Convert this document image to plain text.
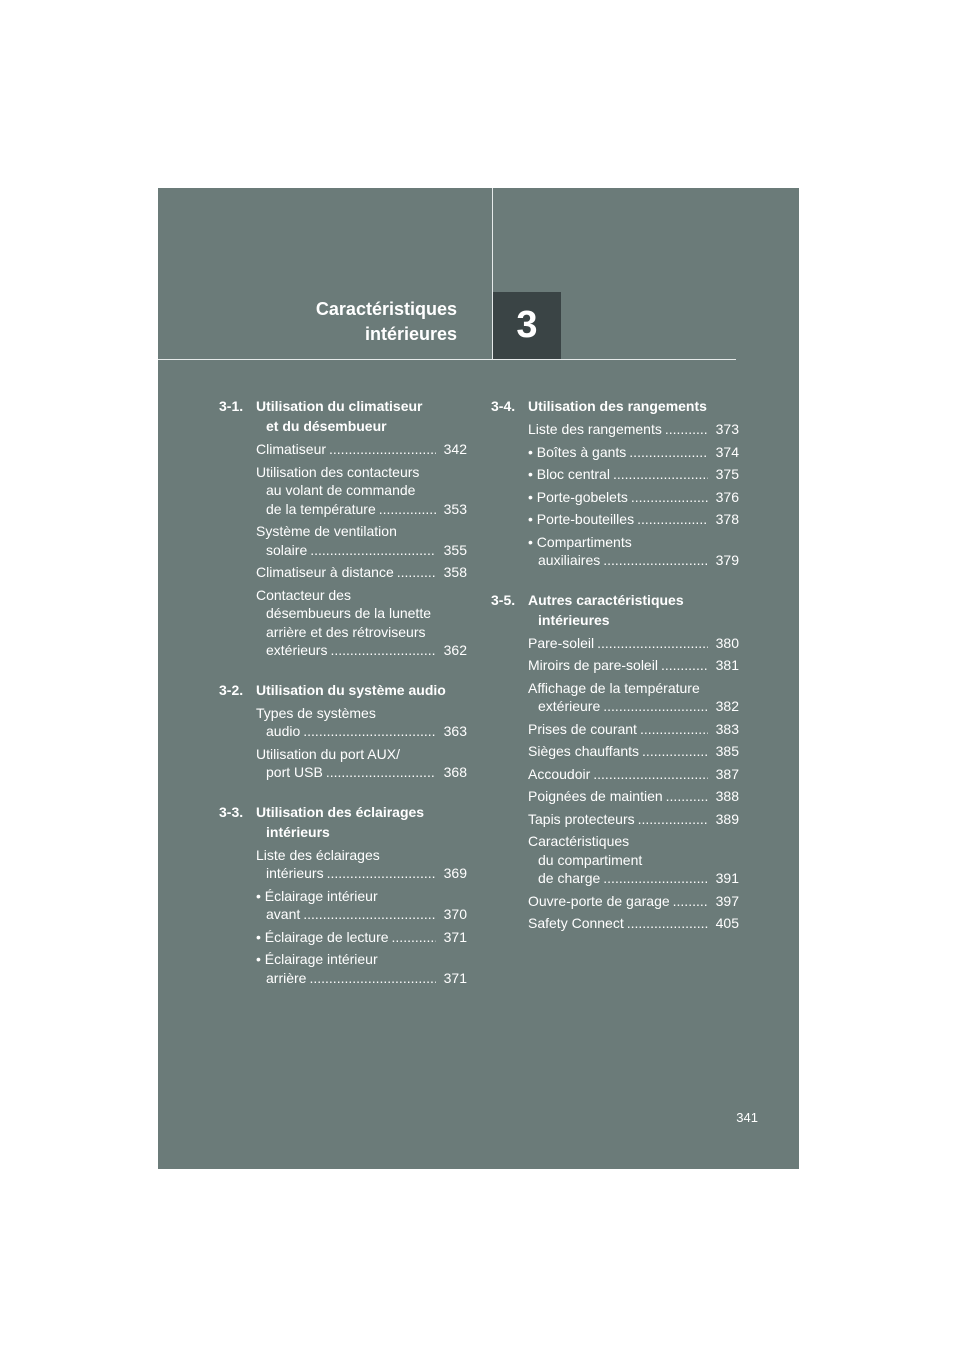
Caractéristiques
intérieures 3
3-1. Utilisation du climatiseur
et du désembueur
Climatiseur .....	342
Utilisation des contacteurs
au volant de commande
de la température .....	353
Système de ventilation
solaire .....	355
Climatiseur à distance .....	358
Contacteur des
désembueurs de la lunette
arrière et des rétroviseurs
extérieurs .....	362
3-2. Utilisation du système audio
Types de systèmes
audio .....	363
Utilisation du port AUX/
port USB .....	368
3-3. Utilisation des éclairages
intérieurs
Liste des éclairages
intérieurs .....	369
• Éclairage intérieur
avant .....	370
• Éclairage de lecture .....	371
• Éclairage intérieur
arrière .....	371
3-4. Utilisation des rangements
Liste des rangements .....	373
• Boîtes à gants .....	374
• Bloc central .....	375
• Porte-gobelets .....	376
• Porte-bouteilles .....	378
• Compartiments
auxiliaires .....	379
3-5. Autres caractéristiques
intérieures
Pare-soleil .....	380
Miroirs de pare-soleil .....	381
Affichage de la température
extérieure .....	382
Prises de courant .....	383
Sièges chauffants .....	385
Accoudoir .....	387
Poignées de maintien .....	388
Tapis protecteurs .....	389
Caractéristiques
du compartiment
de charge .....	391
Ouvre-porte de garage .....	397
Safety Connect .....	405
341
